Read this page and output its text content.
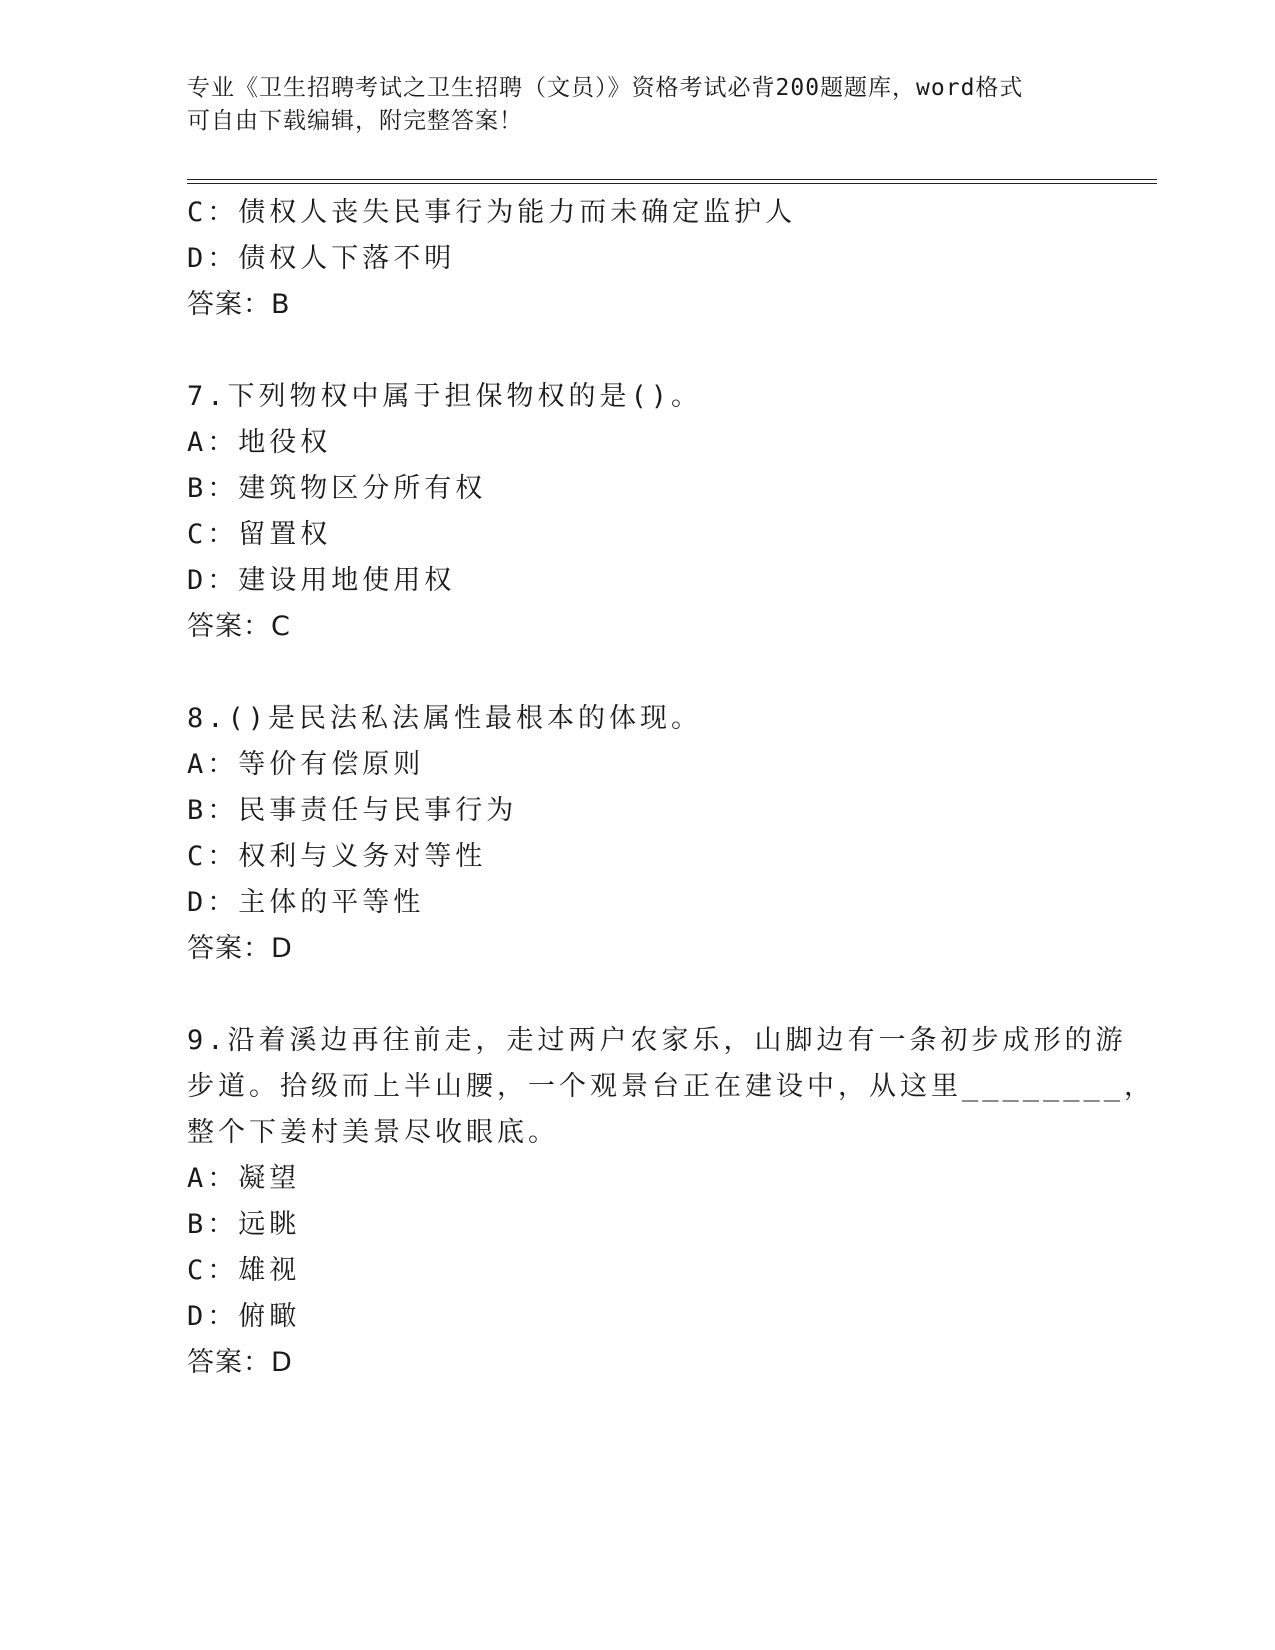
专业《卫生招聘考试之卫生招聘（文员）》资格考试必背200题题库，word格式
可自由下载编辑，附完整答案！
C：债权人丧失民事行为能力而未确定监护人
D：债权人下落不明
答案：B
7.下列物权中属于担保物权的是()。
A：地役权
B：建筑物区分所有权
C：留置权
D：建设用地使用权
答案：C
8.()是民法私法属性最根本的体现。
A：等价有偿原则
B：民事责任与民事行为
C：权利与义务对等性
D：主体的平等性
答案：D
9.沿着溪边再往前走，走过两户农家乐，山脚边有一条初步成形的游
步道。拾级而上半山腰，一个观景台正在建设中，从这里________，
整个下姜村美景尽收眼底。
A：凝望
B：远眺
C：雄视
D：俯瞰
答案：D
